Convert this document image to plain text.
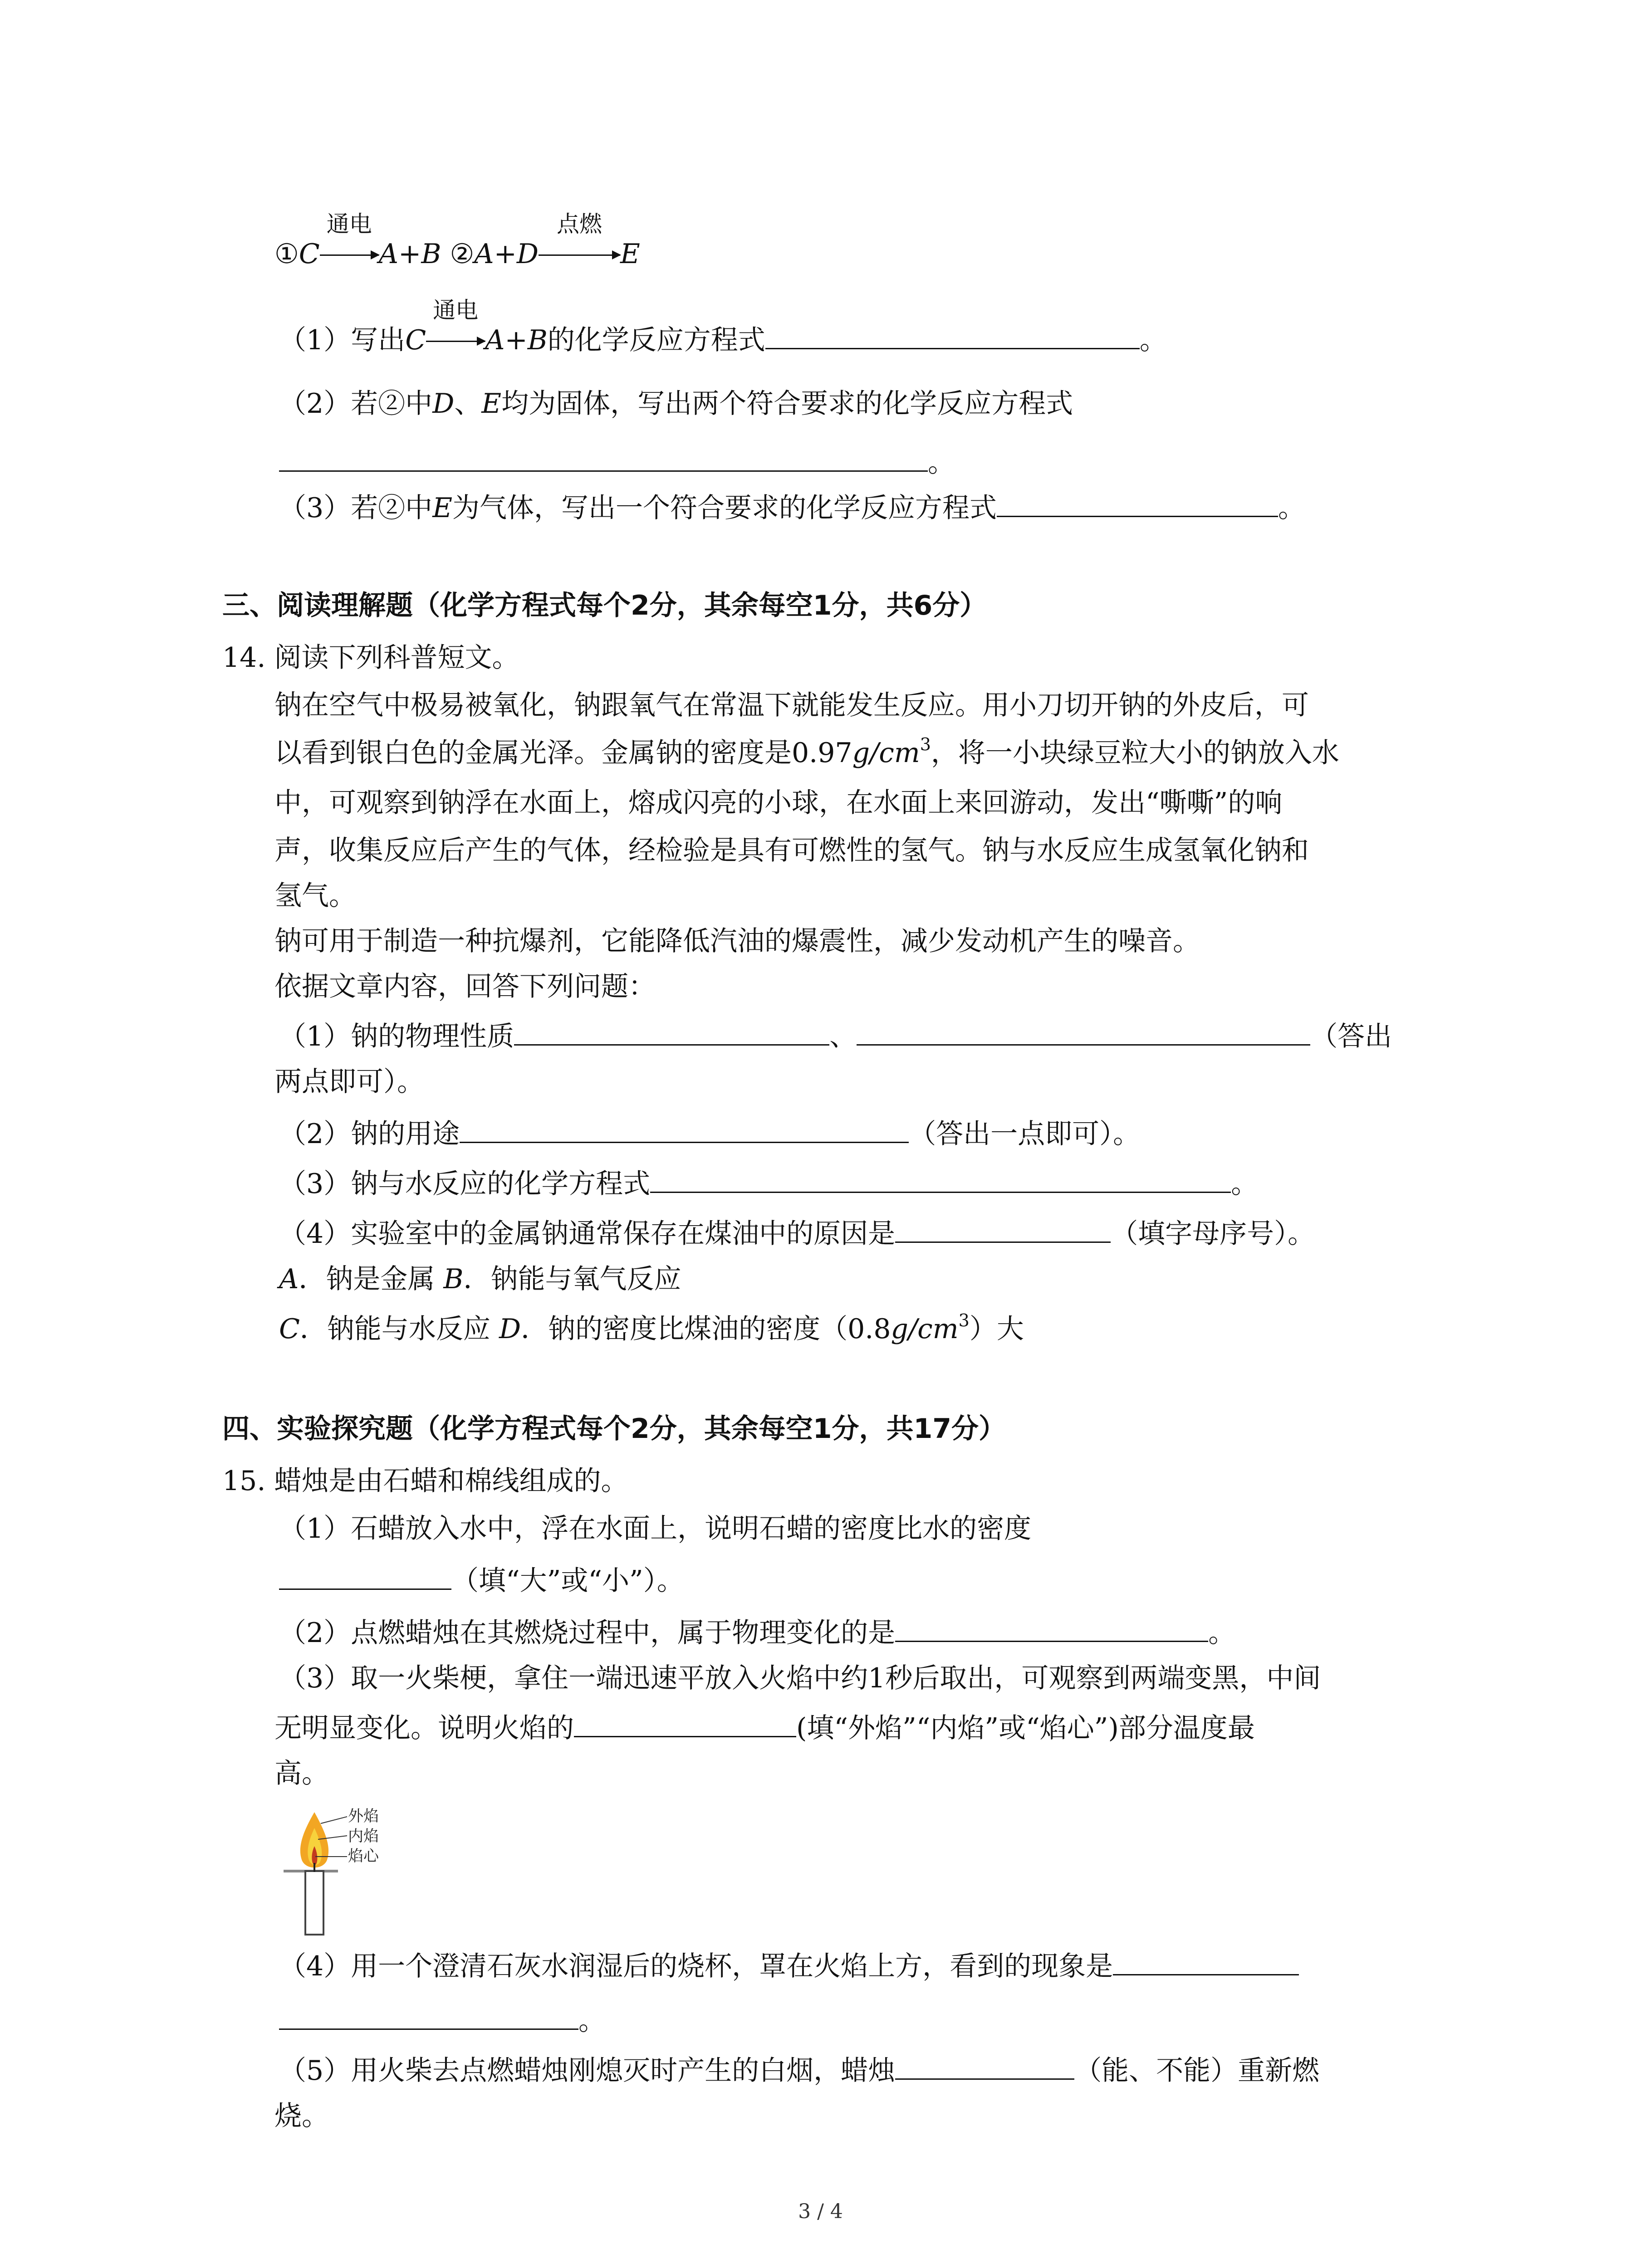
①C
通电
A+B ②A+D
点燃
E
（1）写出C
通电
A+B的化学反应方程式	。
（2）若②中D、E均为固体，写出两个符合要求的化学反应方程式
。
（3）若②中E为气体，写出一个符合要求的化学反应方程式	。
三、阅读理解题（化学方程式每个2分，其余每空1分，共6分）
14. 阅读下列科普短文。
钠在空气中极易被氧化，钠跟氧气在常温下就能发生反应。用小刀切开钠的外皮后，可
以看到银白色的金属光泽。金属钠的密度是$0.97g/cm^3$，将一小块绿豆粒大小的钠放入水
中，可观察到钠浮在水面上，熔成闪亮的小球，在水面上来回游动，发出“嘶嘶”的响
声，收集反应后产生的气体，经检验是具有可燃性的氢气。钠与水反应生成氢氧化钠和
氢气。
钠可用于制造一种抗爆剂，它能降低汽油的爆震性，减少发动机产生的噪音。
依据文章内容，回答下列问题：
（1）钠的物理性质	、	（答出
两点即可）。
（2）钠的用途	（答出一点即可）。
（3）钠与水反应的化学方程式	。
（4）实验室中的金属钠通常保存在煤油中的原因是	（填字母序号）。
A．钠是金属 B．钠能与氧气反应
C．钠能与水反应 D．钠的密度比煤油的密度$(0.8g/cm^3)$大
四、实验探究题（化学方程式每个2分，其余每空1分，共17分）
15. 蜡烛是由石蜡和棉线组成的。
（1）石蜡放入水中，浮在水面上，说明石蜡的密度比水的密度
（填“大”或“小”）。
（2）点燃蜡烛在其燃烧过程中，属于物理变化的是	。
（3）取一火柴梗，拿住一端迅速平放入火焰中约1秒后取出，可观察到两端变黑，中间
无明显变化。说明火焰的	(填“外焰”“内焰”或“焰心”)部分温度最
高。
外焰
内焰
焰心
（4）用一个澄清石灰水润湿后的烧杯，罩在火焰上方，看到的现象是
。
（5）用火柴去点燃蜡烛刚熄灭时产生的白烟，蜡烛	（能、不能）重新燃
烧。
3 / 4
